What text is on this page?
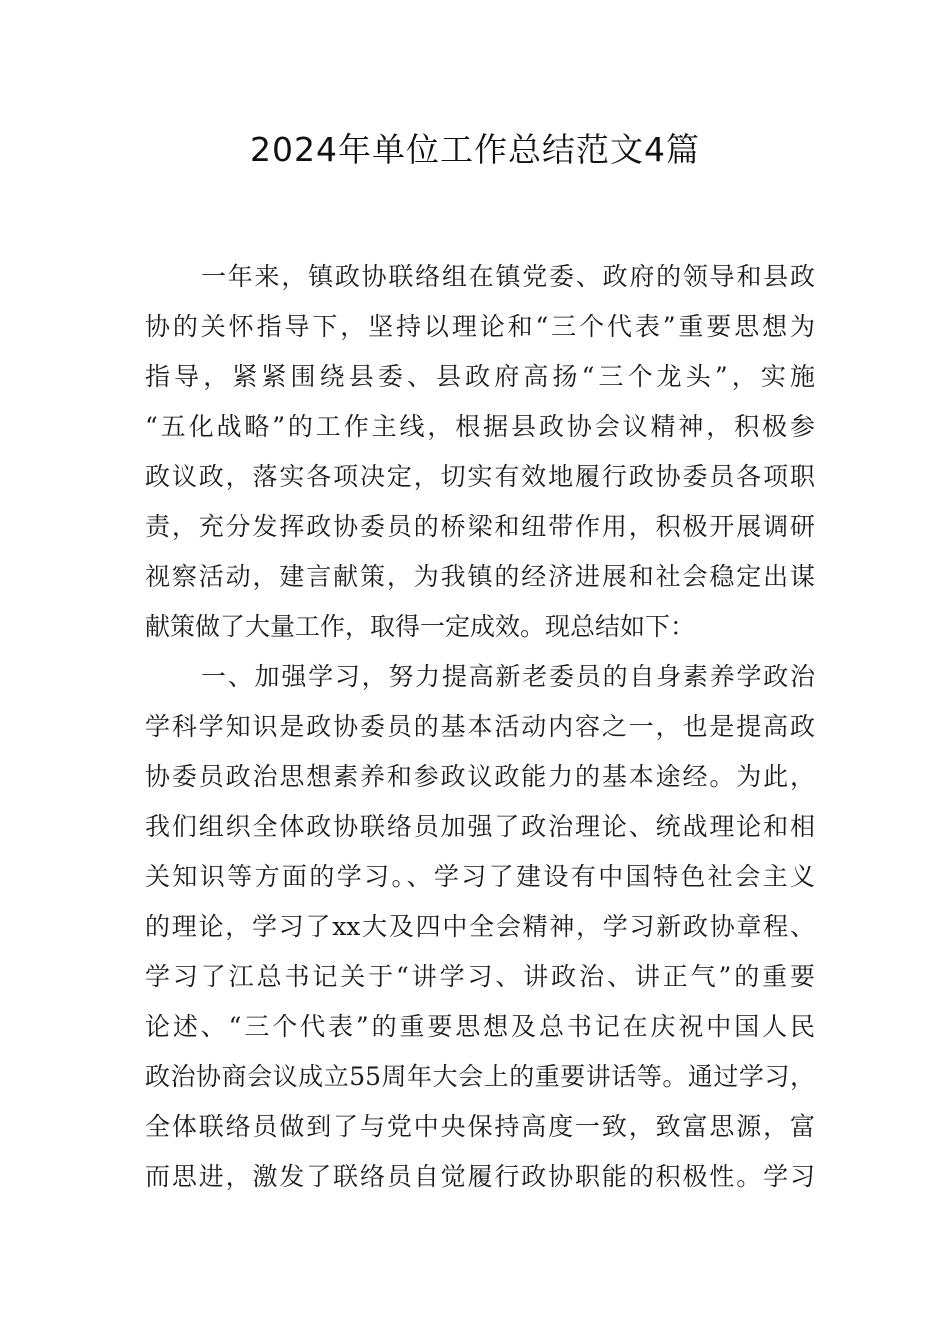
2024年单位工作总结范文4篇
一年来，镇政协联络组在镇党委、政府的领导和县政
协的关怀指导下，坚持以理论和“三个代表”重要思想为
指导，紧紧围绕县委、县政府高扬“三个龙头”，实施
“五化战略”的工作主线，根据县政协会议精神，积极参
政议政，落实各项决定，切实有效地履行政协委员各项职
责，充分发挥政协委员的桥梁和纽带作用，积极开展调研
视察活动，建言献策，为我镇的经济进展和社会稳定出谋
献策做了大量工作，取得一定成效。现总结如下：
一、加强学习，努力提高新老委员的自身素养学政治
学科学知识是政协委员的基本活动内容之一，也是提高政
协委员政治思想素养和参政议政能力的基本途经。为此，
我们组织全体政协联络员加强了政治理论、统战理论和相
关知识等方面的学习。、学习了建设有中国特色社会主义
的理论，学习了xx大及四中全会精神，学习新政协章程、
学习了江总书记关于“讲学习、讲政治、讲正气”的重要
论述、“三个代表”的重要思想及总书记在庆祝中国人民
政治协商会议成立55周年大会上的重要讲话等。通过学习，
全体联络员做到了与党中央保持高度一致，致富思源，富
而思进，激发了联络员自觉履行政协职能的积极性。学习
